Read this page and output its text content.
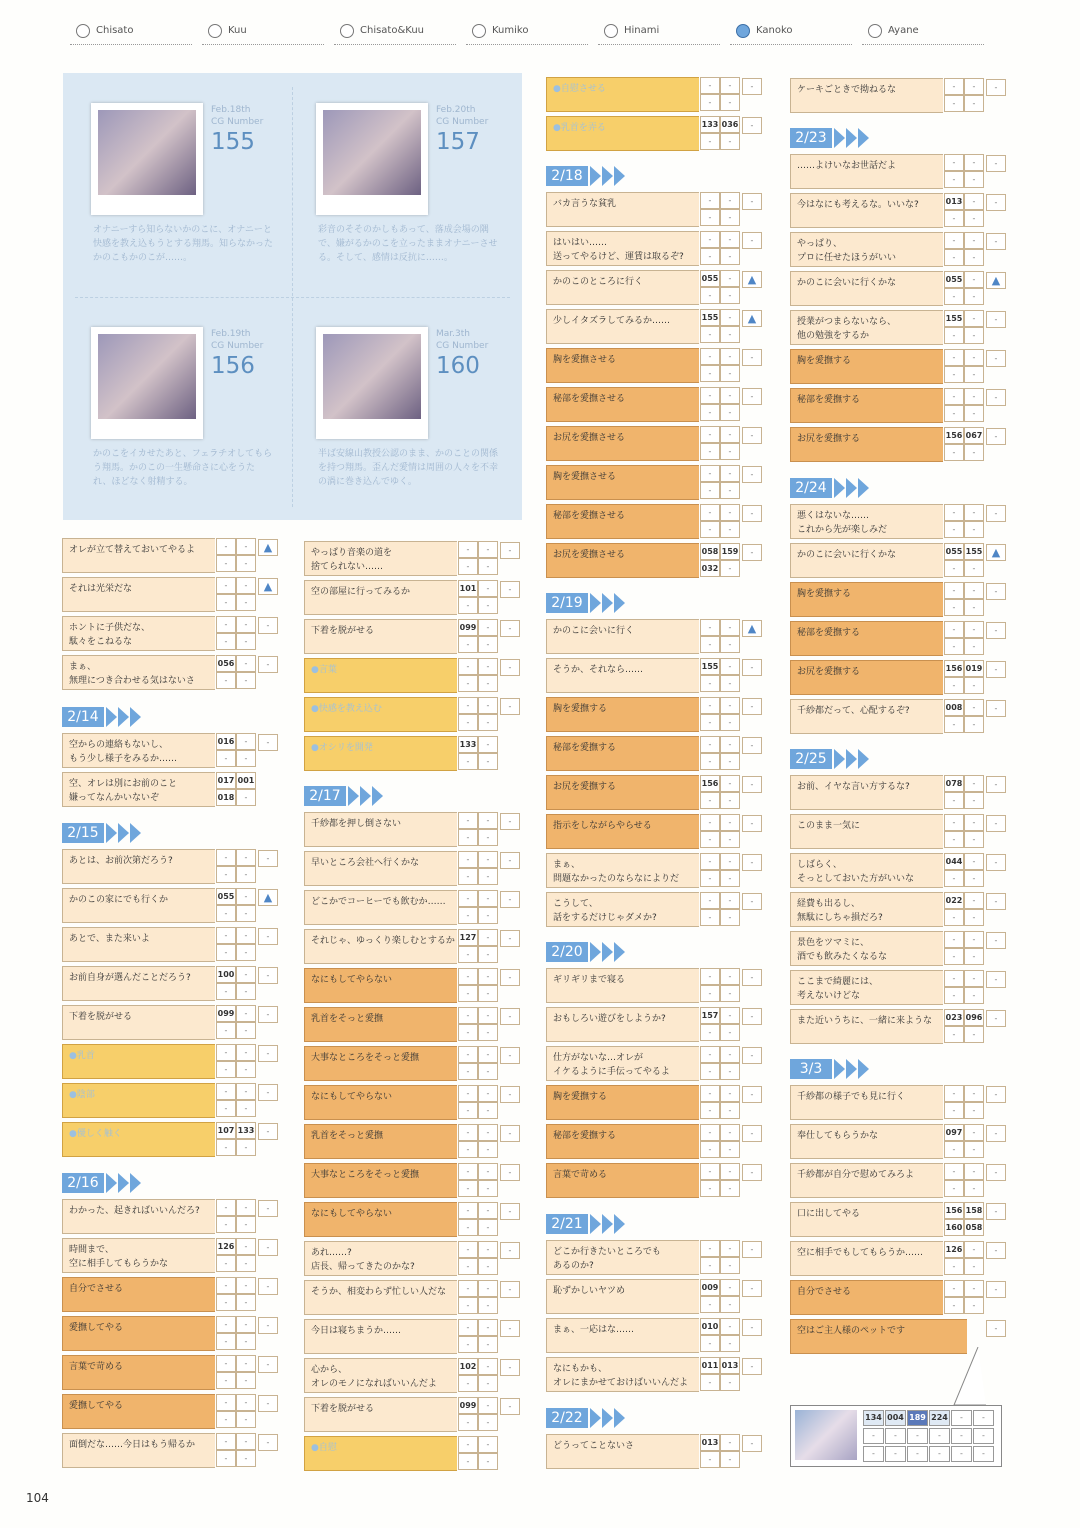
Chisato	Kuu	Chisato&Kuu	Kumiko	Hinami	Kanoko	Ayane
Feb.18th
CG Number
155
オナニーすら知らないかのこに、オナニーと快感を教え込もうとする翔馬。知らなかったかのこもかのこが……。
Feb.20th
CG Number
157
彩音のそそのかしもあって、落成会場の隅で、嫌がるかのこを立ったままオナニーさせる。そして、感情は反抗に……。
Feb.19th
CG Number
156
かのこをイカせたあと、フェラチオしてもらう翔馬。かのこの一生懸命さに心をうたれ、ほどなく射精する。
Mar.3th
CG Number
160
半ば安線山教授公認のまま、かのことの関係を持つ翔馬。歪んだ愛情は周囲の人々を不幸の渦に巻き込んでゆく。
オレが立て替えておいてやるよ	-	-
-	-
▲
それは光栄だな	-	-
-	-
▲
ホントに子供だな、
駄々をこねるな
-	-
-	-
-
まぁ、
無理につき合わせる気はないさ
056	-
-	-
-
2/14
空からの連絡もないし、
もう少し様子をみるか……
016	-
-	-
-
空、オレは別にお前のこと
嫌ってなんかいないぞ
017 001
018	-
2/15
あとは、お前次第だろう?	-	-
-	-
-
かのこの家にでも行くか	055	-
-	-
▲
あとで、また来いよ	-	-
-	-
-
お前自身が選んだことだろう?	100	-
-	-
-
下着を脱がせる	099	-
-	-
-
●乳首	-	-
-	-
-
●陰部	-	-
-	-
-
●優しく触く	107 133
-	-
-
2/16
わかった、起きればいいんだろ?	-	-
-	-
-
時間まで、
空に相手してもらうかな
126	-
-	-
-
自分でさせる	-	-
-	-
-
愛撫してやる	-	-
-	-
-
言葉で苛める	-	-
-	-
-
愛撫してやる	-	-
-	-
-
面倒だな……今日はもう帰るか	-	-
-	-
-
やっぱり音楽の道を
捨てられない……
-	-
-	-
-
空の部屋に行ってみるか	101	-
-	-
-
下着を脱がせる	099	-
-	-
-
●言葉	-	-
-	-
-
●快感を教え込む	-	-
-	-
-
●オシリを開発	133	-
-	-
2/17
千紗都を押し倒さない	-	-
-	-
-
早いところ会社へ行くかな	-	-
-	-
-
どこかでコーヒーでも飲むか……	-	-
-	-
-
それじゃ、ゆっくり楽しむとするか 127	-
-	-
-
なにもしてやらない	-	-
-	-
-
乳首をそっと愛撫	-	-
-	-
-
大事なところをそっと愛撫	-	-
-	-
-
なにもしてやらない	-	-
-	-
-
乳首をそっと愛撫	-	-
-	-
-
大事なところをそっと愛撫	-	-
-	-
-
なにもしてやらない	-	-
-	-
-
あれ……?
店長、帰ってきたのかな?
-	-
-	-
-
そうか、相変わらず忙しい人だな	-	-
-	-
-
今日は寝ちまうか……	-	-
-	-
-
心から、
オレのモノになればいいんだよ
102	-
-	-
-
下着を脱がせる	099	-
-	-
-
●自慰	-	-
-	-
●自慰させる	-	-
-	-
-
●乳首を弄る	133 036
-	-
-
2/18
バカ言うな貧乳	-	-
-	-
-
はいはい……
送ってやるけど、運賃は取るぞ?
-	-
-	-
-
かのこのところに行く	055	-
-	-
▲
少しイタズラしてみるか……	155	-
-	-
▲
胸を愛撫させる	-	-
-	-
-
秘部を愛撫させる	-	-
-	-
-
お尻を愛撫させる	-	-
-	-
-
胸を愛撫させる	-	-
-	-
-
秘部を愛撫させる	-	-
-	-
-
お尻を愛撫させる	058 159
032	-
-
2/19
かのこに会いに行く	-	-
-	-
▲
そうか、それなら……	155	-
-	-
-
胸を愛撫する	-	-
-	-
-
秘部を愛撫する	-	-
-	-
-
お尻を愛撫する	156	-
-	-
-
指示をしながらやらせる	-	-
-	-
-
まぁ、
問題なかったのならなによりだ
-	-
-	-
-
こうして、
話をするだけじゃダメか?
-	-
-	-
-
2/20
ギリギリまで寝る	-	-
-	-
-
おもしろい遊びをしようか?	157	-
-	-
-
仕方がないな…オレが
イケるように手伝ってやるよ
-	-
-	-
-
胸を愛撫する	-	-
-	-
-
秘部を愛撫する	-	-
-	-
-
言葉で苛める	-	-
-	-
-
2/21
どこか行きたいところでも
あるのか?
-	-
-	-
-
恥ずかしいヤツめ	009	-
-	-
-
まぁ、一応はな……	010	-
-	-
-
なにもかも、
オレにまかせておけばいいんだよ
011 013
-	-
-
2/22
どうってことないさ	013	-
-	-
-
ケーキごときで拗ねるな	-	-
-	-
-
2/23
……よけいなお世話だよ	-	-
-	-
-
今はなにも考えるな。いいな?	013	-
-	-
-
やっぱり、
プロに任せたほうがいい
-	-
-	-
-
かのこに会いに行くかな	055	-
-	-
▲
授業がつまらないなら、
他の勉強をするか
155	-
-	-
-
胸を愛撫する	-	-
-	-
-
秘部を愛撫する	-	-
-	-
-
お尻を愛撫する	156 067
-	-
-
2/24
悪くはないな……
これから先が楽しみだ
-	-
-	-
-
かのこに会いに行くかな	055 155
-	-
▲
胸を愛撫する	-	-
-	-
-
秘部を愛撫する	-	-
-	-
-
お尻を愛撫する	156 019
-	-
-
千紗都だって、心配するぞ?	008	-
-	-
-
2/25
お前、イヤな言い方するな?	078	-
-	-
-
このまま一気に	-	-
-	-
-
しばらく、
そっとしておいた方がいいな
044	-
-	-
-
経費も出るし、
無駄にしちゃ損だろ?
022	-
-	-
-
景色をツマミに、
酒でも飲みたくなるな
-	-
-	-
-
ここまで綺麗には、
考えないけどな
-	-
-	-
-
また近いうちに、一緒に来ような	023 096
-	-
-
3/3
千紗都の様子でも見に行く	-	-
-	-
-
奉仕してもらうかな	097	-
-	-
-
千紗都が自分で慰めてみろよ	-	-
-	-
-
口に出してやる	156 158
160 058
-
空に相手でもしてもらうか……	126	-
-	-
-
自分でさせる	-	-
-	-
-
空はご主人様のペットです	-
134 004 189 224	-	-
-	-	-	-	-	-
-	-	-	-	-	-
104
